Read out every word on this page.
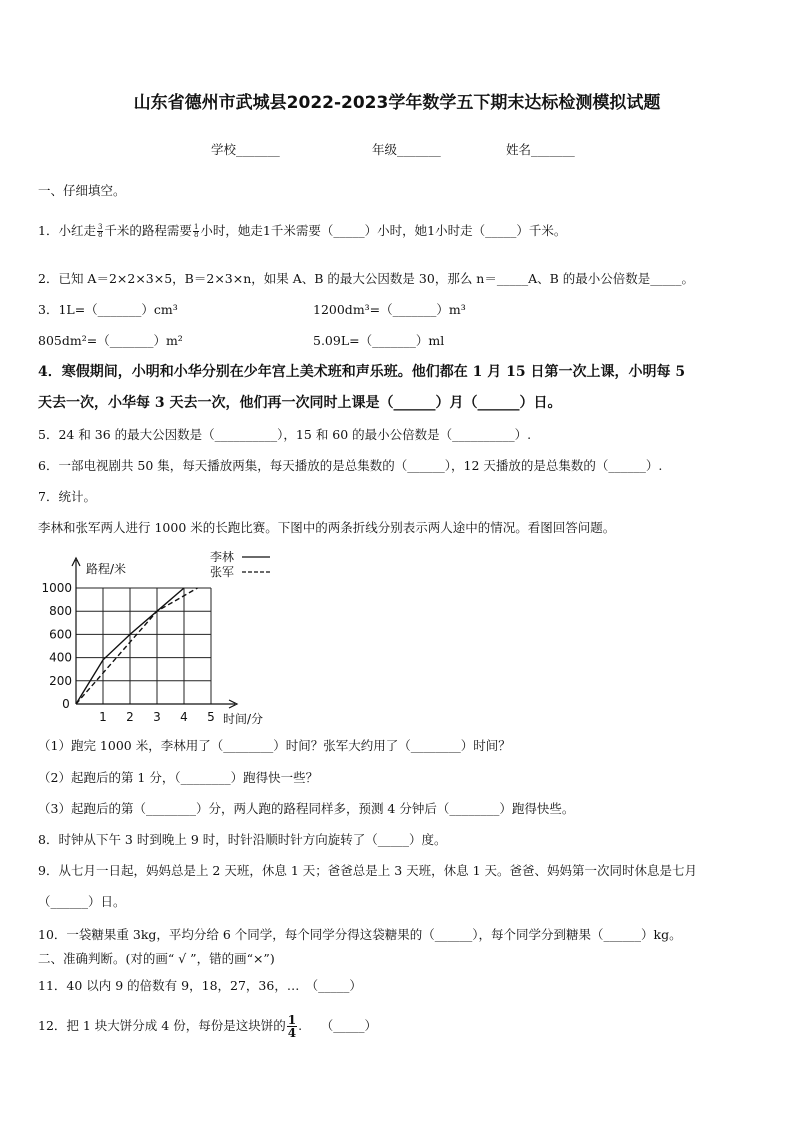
山东省德州市武城县2022-2023学年数学五下期末达标检测模拟试题
学校_______	年级_______	姓名_______
一、仔细填空。
1．小红走 $\frac{3}{8}$ 千米的路程需要 $\frac{1}{8}$ 小时，她走1千米需要（_____）小时，她1小时走（_____）千米。
2．已知 A＝2×2×3×5，B＝2×3×n，如果 A、B 的最大公因数是 30，那么 n＝_____A、B 的最小公倍数是_____。
3．1L=（_______）cm³	1200dm³=（_______）m³
805dm²=（_______）m²	5.09L=（_______）ml
4．寒假期间，小明和小华分别在少年宫上美术班和声乐班。他们都在 1 月 15 日第一次上课，小明每 5
天去一次，小华每 3 天去一次，他们再一次同时上课是（______）月（______）日。
5．24 和 36 的最大公因数是（__________），15 和 60 的最小公倍数是（__________）.
6．一部电视剧共 50 集，每天播放两集，每天播放的是总集数的（______），12 天播放的是总集数的（______）.
7．统计。
李林和张军两人进行 1000 米的长跑比赛。下图中的两条折线分别表示两人途中的情况。看图回答问题。
200
400
600
800
1000
0
1 2 3 4 5
路程/米
时间/分
李林
张军
（1）跑完 1000 米，李林用了（________）时间？张军大约用了（________）时间？
（2）起跑后的第 1 分，（________）跑得快一些？
（3）起跑后的第（________）分，两人跑的路程同样多，预测 4 分钟后（________）跑得快些。
8．时钟从下午 3 时到晚上 9 时，时针沿顺时针方向旋转了（_____）度。
9．从七月一日起，妈妈总是上 2 天班，休息 1 天；爸爸总是上 3 天班，休息 1 天。爸爸、妈妈第一次同时休息是七月
（______）日。
10．一袋糖果重 3kg，平均分给 6 个同学，每个同学分得这袋糖果的（______），每个同学分到糖果（______）kg。
二、准确判断。(对的画“ √ ”，错的画“×”)
11．40 以内 9 的倍数有 9，18，27，36，…　（_____）
12．把 1 块大饼分成 4 份，每份是这块饼的 $\frac{1}{4}$ .　　（_____）
